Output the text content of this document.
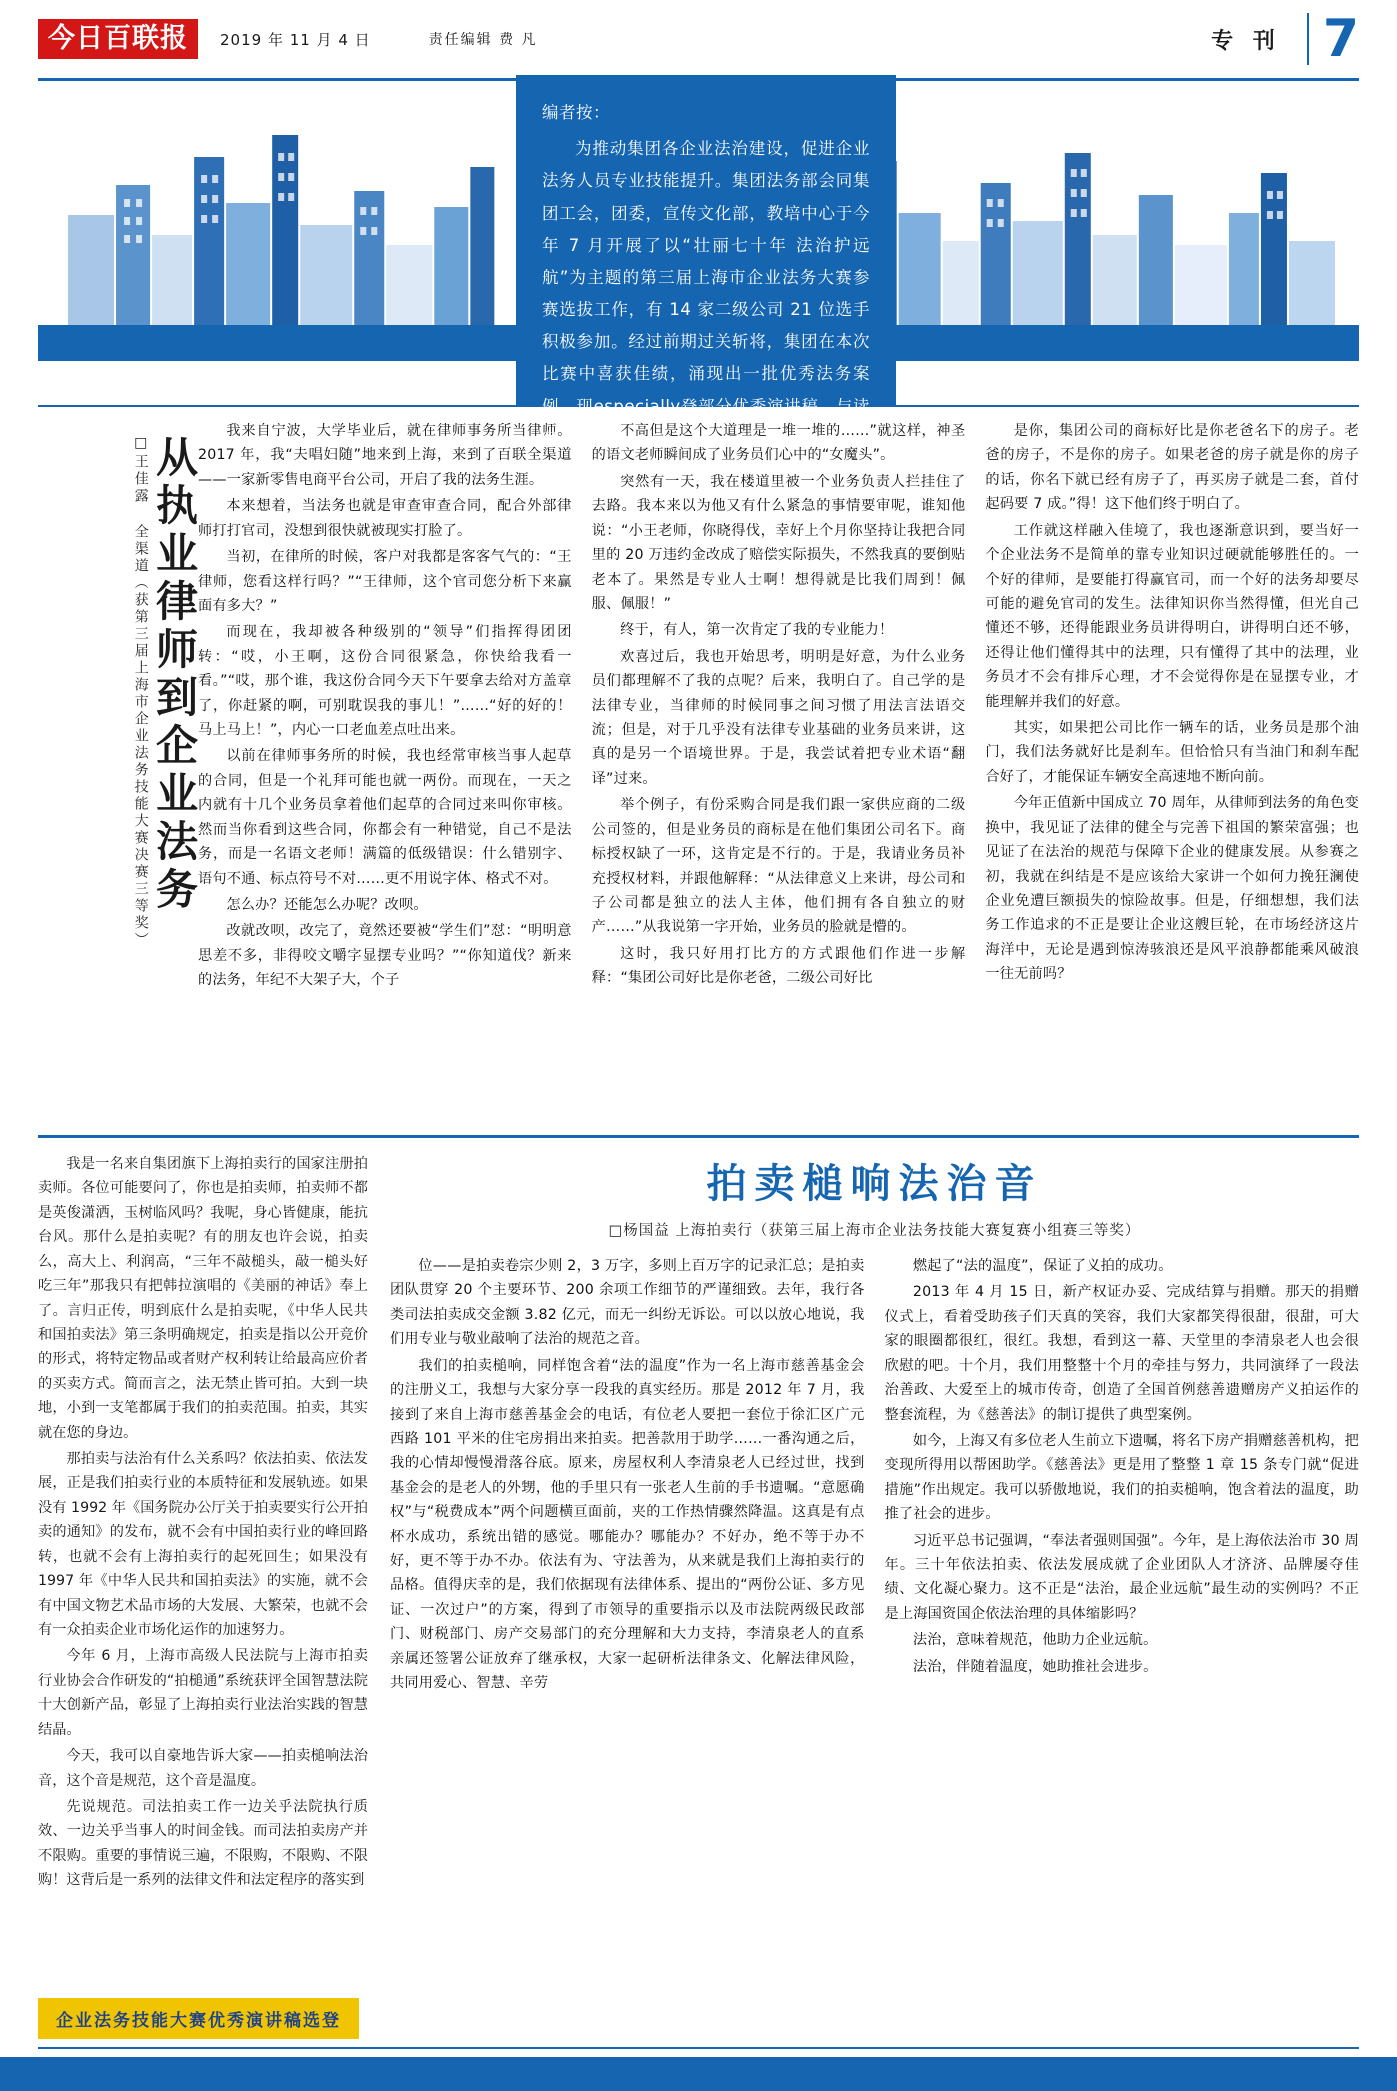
今日百联报	2019 年 11 月 4 日	责任编辑 费 凡	专 刊 7
编者按：
为推动集团各企业法治建设，促进企业法务人员专业技能提升。集团法务部会同集团工会，团委，宣传文化部，教培中心于今年 7 月开展了以“壮丽七十年 法治护远航”为主题的第三届上海市企业法务大赛参赛选拔工作，有 14 家二级公司 21 位选手积极参加。经过前期过关斩将，集团在本次比赛中喜获佳绩，涌现出一批优秀法务案例。现especially登部分优秀演讲稿，与读者分享交流。
从执业律师到企业法务
□王佳露 全渠道（获第三届上海市企业法务技能大赛决赛三等奖）

我来自宁波，大学毕业后，就在律师事务所当律师。2017 年，我“夫唱妇随”地来到上海，来到了百联全渠道——一家新零售电商平台公司，开启了我的法务生涯。

本来想着，当法务也就是审查审查合同，配合外部律师打打官司，没想到很快就被现实打脸了。

当初，在律所的时候，客户对我都是客客气气的：“王律师，您看这样行吗？”“王律师，这个官司您分析下来赢面有多大？”

而现在，我却被各种级别的“领导”们指挥得团团转：“哎，小王啊，这份合同很紧急，你快给我看一看。”“哎，那个谁，我这份合同今天下午要拿去给对方盖章了，你赶紧的啊，可别耽误我的事儿！”……“好的好的！马上马上！”，内心一口老血差点吐出来。

以前在律师事务所的时候，我也经常审核当事人起草的合同，但是一个礼拜可能也就一两份。而现在，一天之内就有十几个业务员拿着他们起草的合同过来叫你审核。然而当你看到这些合同，你都会有一种错觉，自己不是法务，而是一名语文老师！满篇的低级错误：什么错别字、语句不通、标点符号不对……更不用说字体、格式不对。

怎么办？还能怎么办呢？改呗。

改就改呗，改完了，竟然还要被“学生们”怼：“明明意思差不多，非得咬文嚼字显摆专业吗？”“你知道伐？新来的法务，年纪不大架子大，个子

不高但是这个大道理是一堆一堆的……”就这样，神圣的语文老师瞬间成了业务员们心中的“女魔头”。

突然有一天，我在楼道里被一个业务负责人拦挂住了去路。我本来以为他又有什么紧急的事情要审呢，谁知他说：“小王老师，你晓得伐，幸好上个月你坚持让我把合同里的 20 万违约金改成了赔偿实际损失，不然我真的要倒贴老本了。果然是专业人士啊！想得就是比我们周到！佩服、佩服！”

终于，有人，第一次肯定了我的专业能力！

欢喜过后，我也开始思考，明明是好意，为什么业务员们都理解不了我的点呢？后来，我明白了。自己学的是法律专业，当律师的时候同事之间习惯了用法言法语交流；但是，对于几乎没有法律专业基础的业务员来讲，这真的是另一个语境世界。于是，我尝试着把专业术语“翻译”过来。

举个例子，有份采购合同是我们跟一家供应商的二级公司签的，但是业务员的商标是在他们集团公司名下。商标授权缺了一环，这肯定是不行的。于是，我请业务员补充授权材料，并跟他解释：“从法律意义上来讲，母公司和子公司都是独立的法人主体，他们拥有各自独立的财产……”从我说第一字开始，业务员的脸就是懵的。

这时，我只好用打比方的方式跟他们作进一步解释：“集团公司好比是你老爸，二级公司好比

是你，集团公司的商标好比是你老爸名下的房子。老爸的房子，不是你的房子。如果老爸的房子就是你的房子的话，你名下就已经有房子了，再买房子就是二套，首付起码要 7 成。”得！这下他们终于明白了。

工作就这样融入佳境了，我也逐渐意识到，要当好一个企业法务不是简单的靠专业知识过硬就能够胜任的。一个好的律师，是要能打得赢官司，而一个好的法务却要尽可能的避免官司的发生。法律知识你当然得懂，但光自己懂还不够，还得能跟业务员讲得明白，讲得明白还不够，还得让他们懂得其中的法理，只有懂得了其中的法理，业务员才不会有排斥心理，才不会觉得你是在显摆专业，才能理解并我们的好意。

其实，如果把公司比作一辆车的话，业务员是那个油门，我们法务就好比是刹车。但恰恰只有当油门和刹车配合好了，才能保证车辆安全高速地不断向前。

今年正值新中国成立 70 周年，从律师到法务的角色变换中，我见证了法律的健全与完善下祖国的繁荣富强；也见证了在法治的规范与保障下企业的健康发展。从参赛之初，我就在纠结是不是应该给大家讲一个如何力挽狂澜使企业免遭巨额损失的惊险故事。但是，仔细想想，我们法务工作追求的不正是要让企业这艘巨轮，在市场经济这片海洋中，无论是遇到惊涛骇浪还是风平浪静都能乘风破浪一往无前吗？

我是一名来自集团旗下上海拍卖行的国家注册拍卖师。各位可能要问了，你也是拍卖师，拍卖师不都是英俊潇洒，玉树临风吗？我呢，身心皆健康，能抗台风。那什么是拍卖呢？有的朋友也许会说，拍卖么，高大上、利润高，“三年不敲槌头，敲一槌头好吃三年”那我只有把韩拉演唱的《美丽的神话》奉上了。言归正传，明到底什么是拍卖呢，《中华人民共和国拍卖法》第三条明确规定，拍卖是指以公开竞价的形式，将特定物品或者财产权利转让给最高应价者的买卖方式。简而言之，法无禁止皆可拍。大到一块地，小到一支笔都属于我们的拍卖范围。拍卖，其实就在您的身边。

那拍卖与法治有什么关系吗？依法拍卖、依法发展，正是我们拍卖行业的本质特征和发展轨迹。如果没有 1992 年《国务院办公厅关于拍卖要实行公开拍卖的通知》的发布，就不会有中国拍卖行业的峰回路转，也就不会有上海拍卖行的起死回生；如果没有 1997 年《中华人民共和国拍卖法》的实施，就不会有中国文物艺术品市场的大发展、大繁荣，也就不会有一众拍卖企业市场化运作的加速努力。

今年 6 月，上海市高级人民法院与上海市拍卖行业协会合作研发的“拍槌通”系统获评全国智慧法院十大创新产品，彰显了上海拍卖行业法治实践的智慧结晶。

今天，我可以自豪地告诉大家——拍卖槌响法治音，这个音是规范，这个音是温度。

先说规范。司法拍卖工作一边关乎法院执行质效、一边关乎当事人的时间金钱。而司法拍卖房产并不限购。重要的事情说三遍，不限购，不限购、不限购！这背后是一系列的法律文件和法定程序的落实到

拍卖槌响法治音
□杨国益 上海拍卖行（获第三届上海市企业法务技能大赛复赛小组赛三等奖）

位——是拍卖卷宗少则 2，3 万字，多则上百万字的记录汇总；是拍卖团队贯穿 20 个主要环节、200 余项工作细节的严谨细致。去年，我行各类司法拍卖成交金额 3.82 亿元，而无一纠纷无诉讼。可以以放心地说，我们用专业与敬业敲响了法治的规范之音。

我们的拍卖槌响，同样饱含着“法的温度”作为一名上海市慈善基金会的注册义工，我想与大家分享一段我的真实经历。那是 2012 年 7 月，我接到了来自上海市慈善基金会的电话，有位老人要把一套位于徐汇区广元西路 101 平米的住宅房捐出来拍卖。把善款用于助学……一番沟通之后，我的心情却慢慢滑落谷底。原来，房屋权利人李清泉老人已经过世，找到基金会的是老人的外甥，他的手里只有一张老人生前的手书遗嘱。“意愿确权”与“税费成本”两个问题横亘面前，夹的工作热情骤然降温。这真是有点杯水成功，系统出错的感觉。哪能办？哪能办？不好办，绝不等于办不好，更不等于办不办。依法有为、守法善为，从来就是我们上海拍卖行的品格。值得庆幸的是，我们依据现有法律体系、提出的“两份公证、多方见证、一次过户”的方案，得到了市领导的重要指示以及市法院两级民政部门、财税部门、房产交易部门的充分理解和大力支持，李清泉老人的直系亲属还签署公证放弃了继承权，大家一起研析法律条文、化解法律风险，共同用爱心、智慧、辛劳

燃起了“法的温度”，保证了义拍的成功。

2013 年 4 月 15 日，新产权证办妥、完成结算与捐赠。那天的捐赠仪式上，看着受助孩子们天真的笑容，我们大家都笑得很甜，很甜，可大家的眼圈都很红，很红。我想，看到这一幕、天堂里的李清泉老人也会很欣慰的吧。十个月，我们用整整十个月的牵挂与努力，共同演绎了一段法治善政、大爱至上的城市传奇，创造了全国首例慈善遗赠房产义拍运作的整套流程，为《慈善法》的制订提供了典型案例。

如今，上海又有多位老人生前立下遗嘱，将名下房产捐赠慈善机构，把变现所得用以帮困助学。《慈善法》更是用了整整 1 章 15 条专门就“促进措施”作出规定。我可以骄傲地说，我们的拍卖槌响，饱含着法的温度，助推了社会的进步。

习近平总书记强调，“奉法者强则国强”。今年，是上海依法治市 30 周年。三十年依法拍卖、依法发展成就了企业团队人才济济、品牌屡夺佳绩、文化凝心聚力。这不正是“法治，最企业远航”最生动的实例吗？不正是上海国资国企依法治理的具体缩影吗？

法治，意味着规范，他助力企业远航。

法治，伴随着温度，她助推社会进步。

企业法务技能大赛优秀演讲稿选登
